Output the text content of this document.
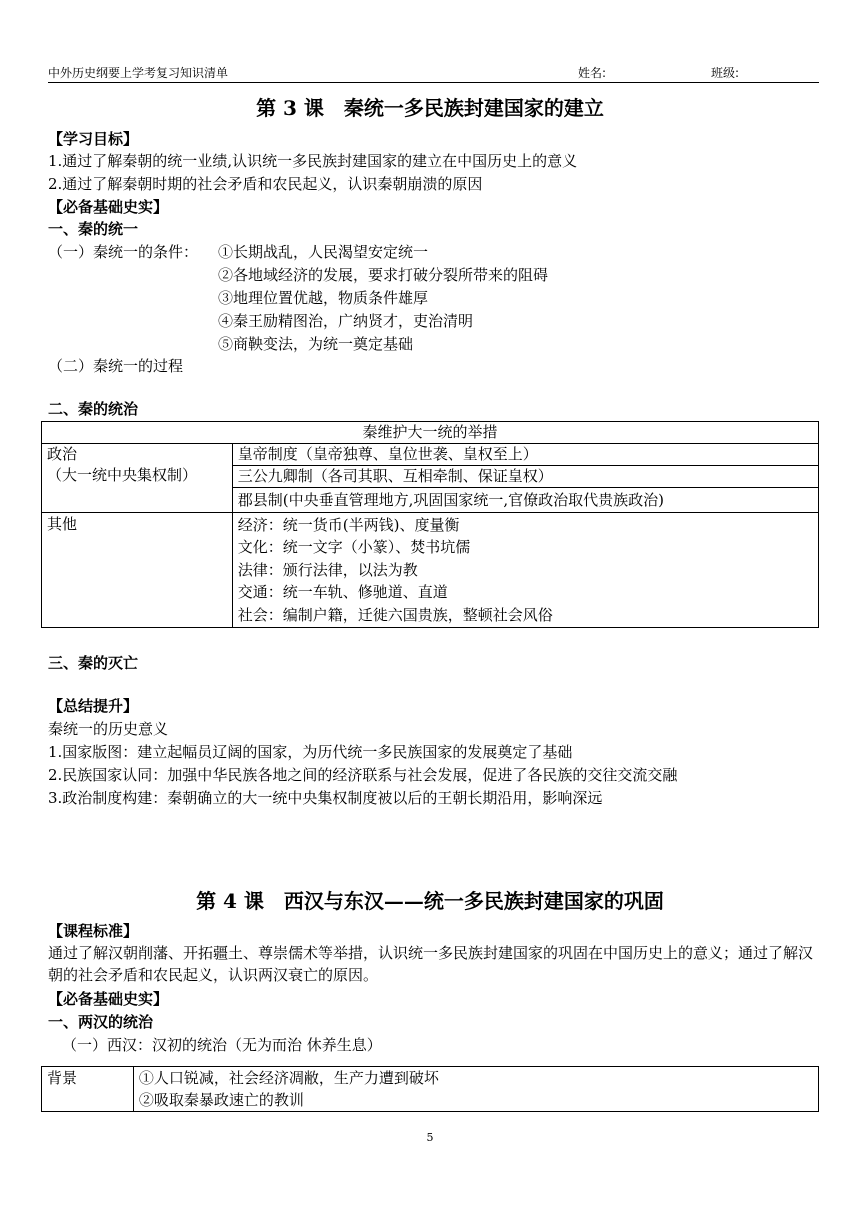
中外历史纲要上学考复习知识清单	姓名:	班级:
第 3 课　秦统一多民族封建国家的建立
【学习目标】
1.通过了解秦朝的统一业绩,认识统一多民族封建国家的建立在中国历史上的意义
2.通过了解秦朝时期的社会矛盾和农民起义，认识秦朝崩溃的原因
【必备基础史实】
一、秦的统一
（一）秦统一的条件： ①长期战乱，人民渴望安定统一
②各地域经济的发展，要求打破分裂所带来的阻碍
③地理位置优越，物质条件雄厚
④秦王励精图治，广纳贤才，吏治清明
⑤商鞅变法，为统一奠定基础
（二）秦统一的过程
二、秦的统治
秦维护大一统的举措	

政治
（大一统中央集权制）	皇帝制度（皇帝独尊、皇位世袭、皇权至上）
	三公九卿制（各司其职、互相牵制、保证皇权）
	郡县制(中央垂直管理地方,巩固国家统一,官僚政治取代贵族政治)
其他	经济：统一货币(半两钱)、度量衡
文化：统一文字（小篆）、焚书坑儒
法律：颁行法律，以法为教
交通：统一车轨、修驰道、直道
社会：编制户籍，迁徙六国贵族，整顿社会风俗
三、秦的灭亡
【总结提升】
秦统一的历史意义
1.国家版图：建立起幅员辽阔的国家，为历代统一多民族国家的发展奠定了基础
2.民族国家认同：加强中华民族各地之间的经济联系与社会发展，促进了各民族的交往交流交融
3.政治制度构建：秦朝确立的大一统中央集权制度被以后的王朝长期沿用，影响深远
第 4 课　西汉与东汉——统一多民族封建国家的巩固
【课程标准】
通过了解汉朝削藩、开拓疆土、尊崇儒术等举措，认识统一多民族封建国家的巩固在中国历史上的意义；通过了解汉朝的社会矛盾和农民起义，认识两汉衰亡的原因。
【必备基础史实】
一、两汉的统治
（一）西汉：汉初的统治（无为而治 休养生息）
背景	①人口锐减，社会经济凋敝，生产力遭到破坏
②吸取秦暴政速亡的教训
5
